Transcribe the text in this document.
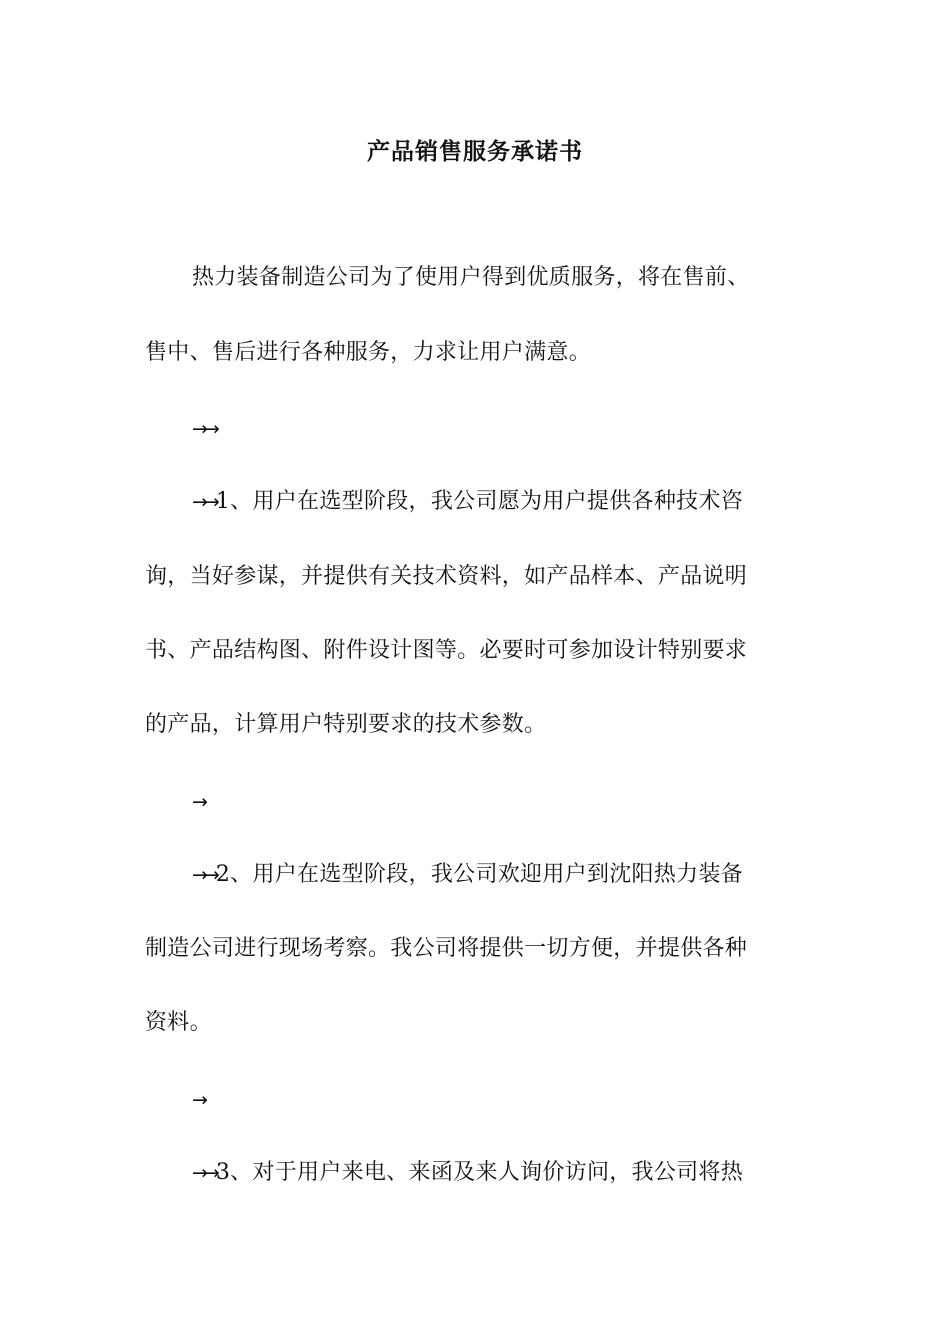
产品销售服务承诺书
热力装备制造公司为了使用户得到优质服务，将在售前、
售中、售后进行各种服务，力求让用户满意。
→→
→→1、用户在选型阶段，我公司愿为用户提供各种技术咨
询，当好参谋，并提供有关技术资料，如产品样本、产品说明
书、产品结构图、附件设计图等。必要时可参加设计特别要求
的产品，计算用户特别要求的技术参数。
→
→→2、用户在选型阶段，我公司欢迎用户到沈阳热力装备
制造公司进行现场考察。我公司将提供一切方便，并提供各种
资料。
→
→→3、对于用户来电、来函及来人询价访问，我公司将热
